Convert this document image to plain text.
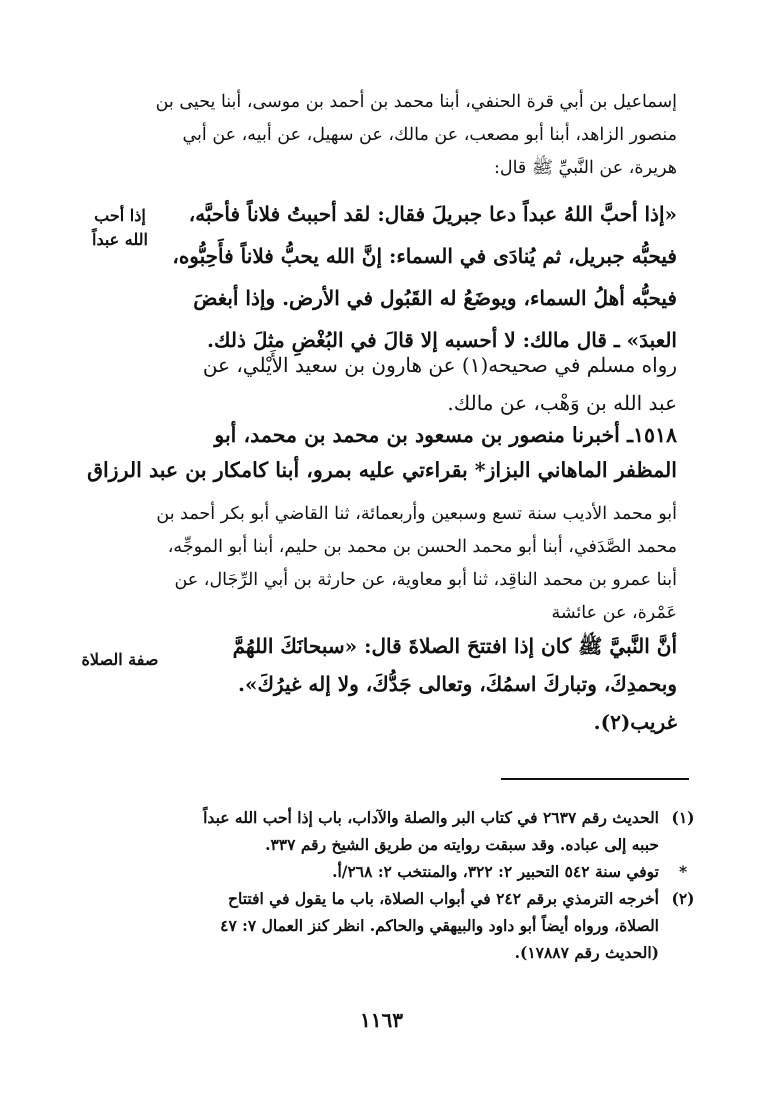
إسماعيل بن أبي قرة الحنفي، أبنا محمد بن أحمد بن موسى، أبنا يحيى بن
منصور الزاهد، أبنا أبو مصعب، عن مالك، عن سهيل، عن أبيه، عن أبي
هريرة، عن النَّبيِّ ﷺ قال:
«إذا أحبَّ اللهُ عبداً دعا جبريلَ فقال: لقد أحببتُ فلاناً فأحبَّه،
فيحبُّه جبريل، ثم يُنادَى في السماء: إنَّ الله يحبُّ فلاناً فأَحِبُّوه،
فيحبُّه أهلُ السماء، ويوضَعُ له القَبُول في الأرض. وإذا أبغضَ
العبدَ» ـ قال مالك: لا أحسبه إلا قالَ في البُغْضِ مثلَ ذلك.
إذا أحب
الله عبداً
رواه مسلم في صحيحه(١) عن هارون بن سعيد الأَيْلي، عن
عبد الله بن وَهْب، عن مالك.
١٥١٨ـ أخبرنا منصور بن مسعود بن محمد بن محمد، أبو
المظفر الماهاني البزاز* بقراءتي عليه بمرو، أبنا كامكار بن عبد الرزاق
أبو محمد الأديب سنة تسع وسبعين وأربعمائة، ثنا القاضي أبو بكر أحمد بن
محمد الصَّدَفي، أبنا أبو محمد الحسن بن محمد بن حليم، أبنا أبو الموجِّه،
أبنا عمرو بن محمد الناقِد، ثنا أبو معاوية، عن حارثة بن أبي الرِّجَال، عن
عَمْرة، عن عائشة
أنَّ النَّبيَّ ﷺ كان إذا افتتحَ الصلاةَ قال: «سبحانَكَ اللهُمَّ
وبحمدِكَ، وتباركَ اسمُكَ، وتعالى جَدُّكَ، ولا إله غيرُكَ».
غريب(٢).
صفة الصلاة
(١)
الحديث رقم ٢٦٣٧ في كتاب البر والصلة والآداب، باب إذا أحب الله عبداً
حببه إلى عباده. وقد سبقت روايته من طريق الشيخ رقم ٣٣٧.
*
توفي سنة ٥٤٢ التحبير ٢: ٣٢٢، والمنتخب ٢: ٢٦٨/أ.
(٢)
أخرجه الترمذي برقم ٢٤٢ في أبواب الصلاة، باب ما يقول في افتتاح
الصلاة، ورواه أيضاً أبو داود والبيهقي والحاكم. انظر كنز العمال ٧: ٤٧
(الحديث رقم ١٧٨٨٧).
١١٦٣
